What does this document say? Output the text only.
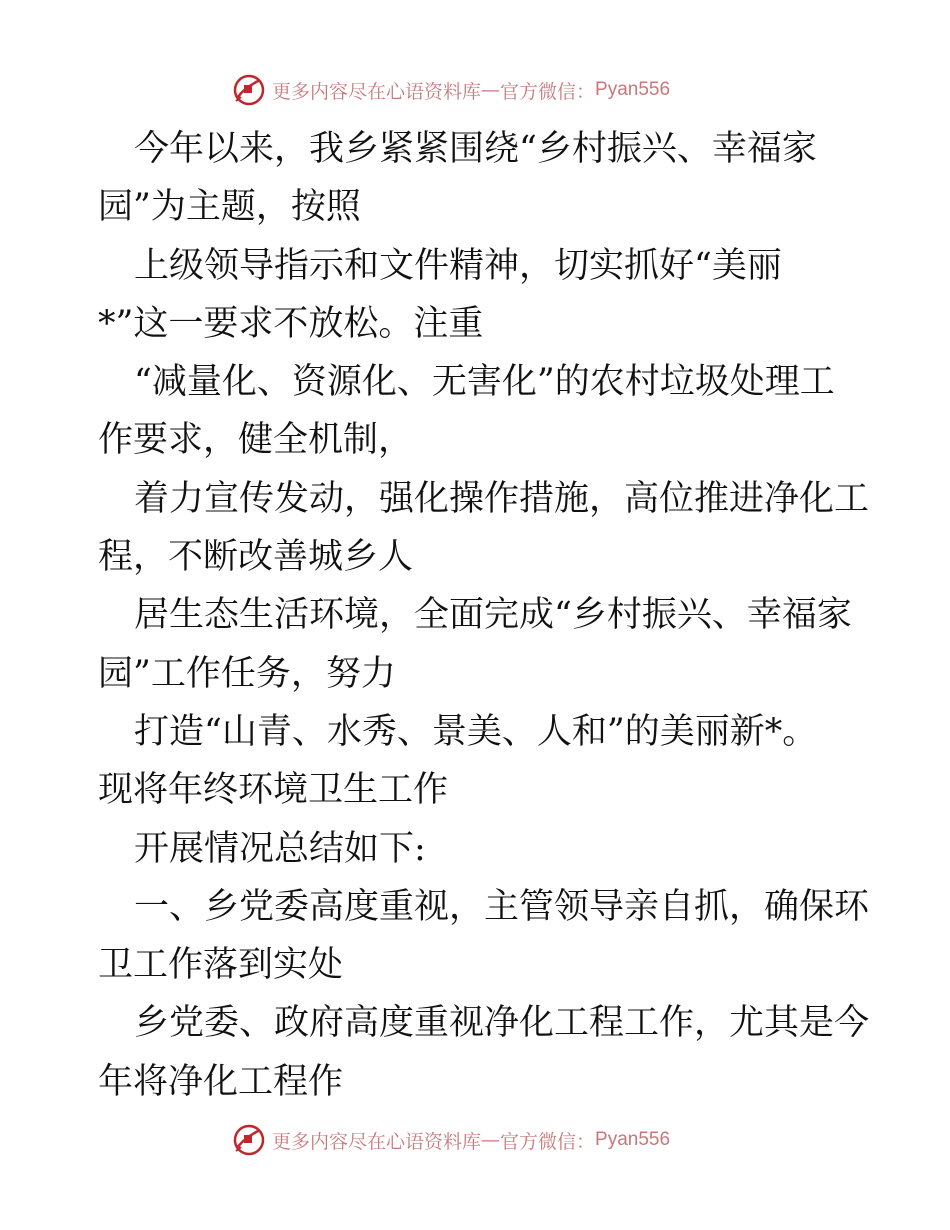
更多内容尽在心语资料库 — 官方微信： Pyan556
今年以来，我乡紧紧围绕“乡村振兴、幸福家
园”为主题，按照
上级领导指示和文件精神，切实抓好“美丽
*”这一要求不放松。注重
“减量化、资源化、无害化”的农村垃圾处理工
作要求，健全机制，
着力宣传发动，强化操作措施，高位推进净化工
程，不断改善城乡人
居生态生活环境，全面完成“乡村振兴、幸福家
园”工作任务，努力
打造“山青、水秀、景美、人和”的美丽新*。
现将年终环境卫生工作
开展情况总结如下:
一、乡党委高度重视，主管领导亲自抓，确保环
卫工作落到实处
乡党委、政府高度重视净化工程工作，尤其是今
年将净化工程作
更多内容尽在心语资料库 — 官方微信： Pyan556
